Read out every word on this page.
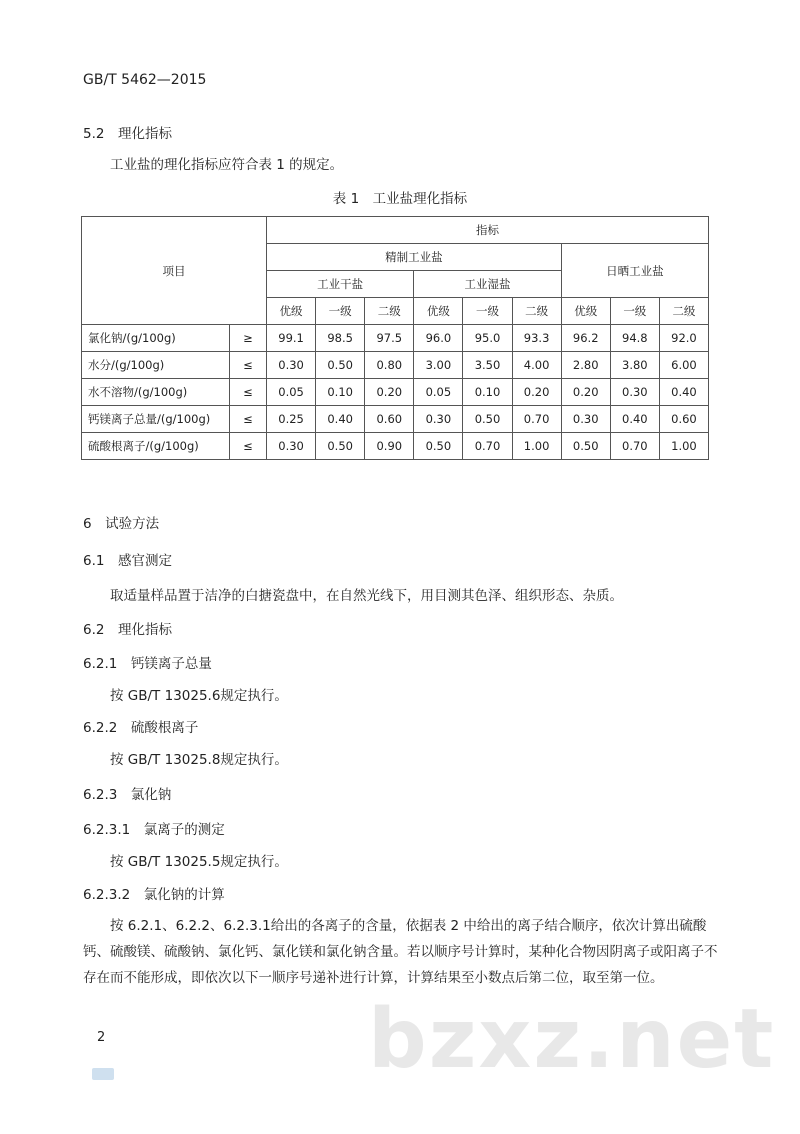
GB/T 5462—2015
5.2　理化指标
工业盐的理化指标应符合表 1 的规定。
表 1　工业盐理化指标
项目		指标								
		精制工业盐						日晒工业盐		
		工业干盐			工业湿盐					
		优级	一级	二级	优级	一级	二级	优级	一级	二级
氯化钠/(g/100g)	≥	99.1	98.5	97.5	96.0	95.0	93.3	96.2	94.8	92.0
水分/(g/100g)	≤	0.30	0.50	0.80	3.00	3.50	4.00	2.80	3.80	6.00
水不溶物/(g/100g)	≤	0.05	0.10	0.20	0.05	0.10	0.20	0.20	0.30	0.40
钙镁离子总量/(g/100g)	≤	0.25	0.40	0.60	0.30	0.50	0.70	0.30	0.40	0.60
硫酸根离子/(g/100g)	≤	0.30	0.50	0.90	0.50	0.70	1.00	0.50	0.70	1.00
6　试验方法
6.1　感官测定
取适量样品置于洁净的白搪瓷盘中，在自然光线下，用目测其色泽、组织形态、杂质。
6.2　理化指标
6.2.1　钙镁离子总量
按 GB/T 13025.6规定执行。
6.2.2　硫酸根离子
按 GB/T 13025.8规定执行。
6.2.3　氯化钠
6.2.3.1　氯离子的测定
按 GB/T 13025.5规定执行。
6.2.3.2　氯化钠的计算
按 6.2.1、6.2.2、6.2.3.1给出的各离子的含量，依据表 2 中给出的离子结合顺序，依次计算出硫酸钙、硫酸镁、硫酸钠、氯化钙、氯化镁和氯化钠含量。若以顺序号计算时，某种化合物因阴离子或阳离子不存在而不能形成，即依次以下一顺序号递补进行计算，计算结果至小数点后第二位，取至第一位。
bzxz.net
2
